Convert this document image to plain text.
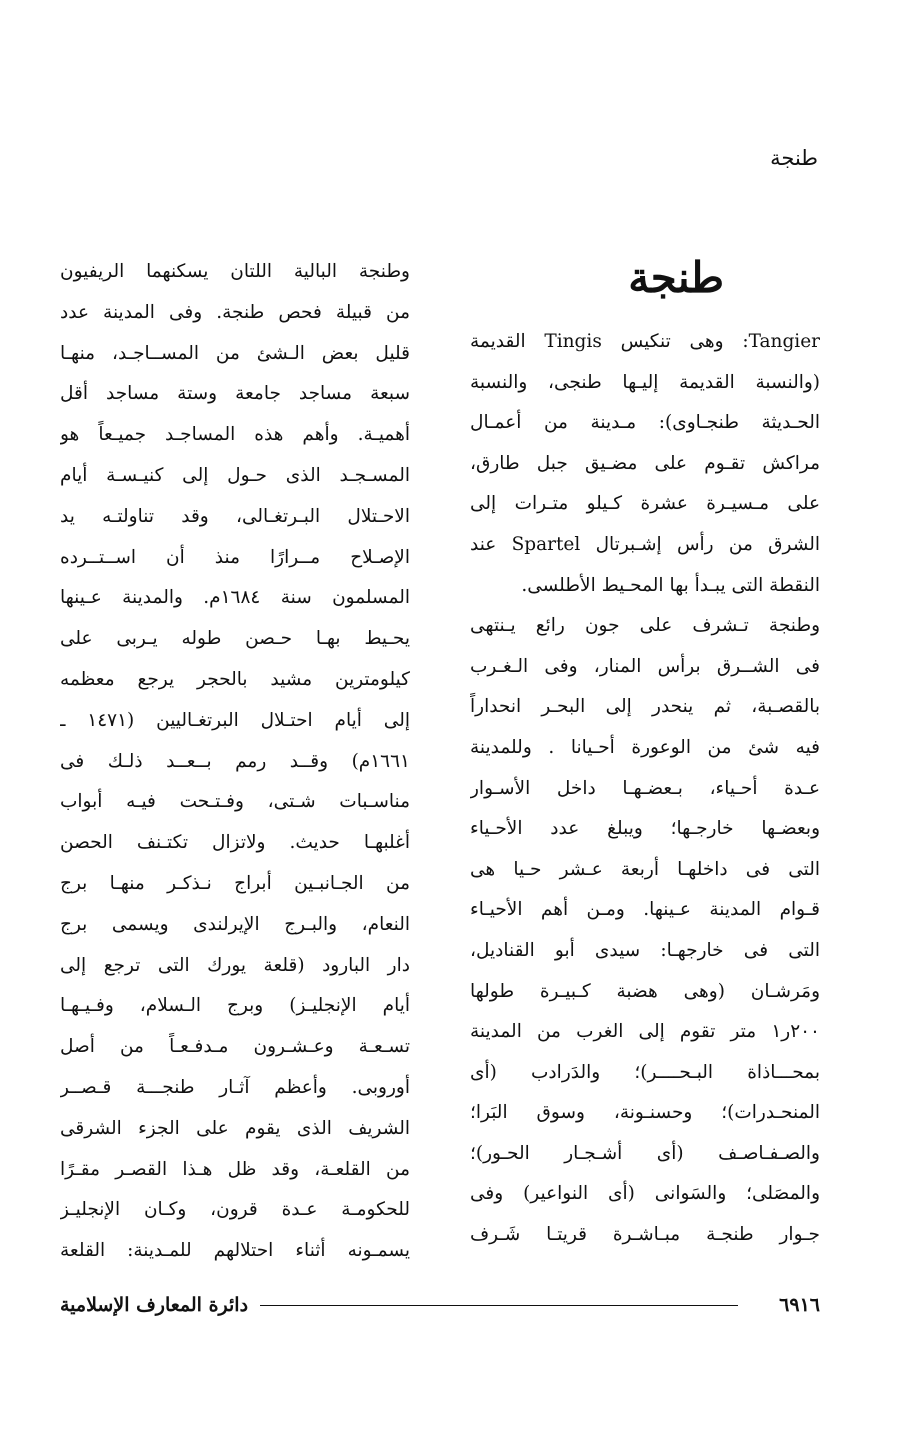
طنجة
طنجة
Tangier: وهى تنكيس Tingis القديمة
(والنسبة القديمة إليـها طنجى، والنسبة
الحـديثة طنجـاوى): مـدينة من أعمـال
مراكش تقـوم على مضـيق جبل طارق،
على مـسيـرة عشرة كـيلو متـرات إلى
الشرق من رأس إشـبرتال Spartel عند
النقطة التى يبـدأ بها المحـيط الأطلسى.
وطنجة تـشرف على جون رائع يـنتهى
فى الشــرق برأس المنار، وفى الـغـرب
بالقصـبة، ثم ينحدر إلى البحـر انحداراً
فيه شئ من الوعورة أحـيانا . وللمدينة
عـدة أحـياء، بـعضـهـا داخل الأسـوار
وبعضـها خارجـها؛ ويبلغ عدد الأحـياء
التى فى داخلهـا أربعة عـشر حـيا هى
قـوام المدينة عـينها. ومـن أهم الأحيـاء
التى فى خارجهـا: سيدى أبو القناديل،
ومَرشـان (وهى هضبة كـبيـرة طولها
٢٠٠ر١ متر تقوم إلى الغرب من المدينة
بمحـــاذاة البـحــــر)؛ والدَرادب (أى
المنحـدرات)؛ وحسنـونة، وسوق البَرا؛
والصـفـاصـف (أى أشـجـار الحـور)؛
والمصَلى؛ والسَوانى (أى النواعير) وفى
جـوار طنجـة مبـاشـرة قريتـا شَـرف
وطنجة البالية اللتان يسكنهما الريفيون
من قبيلة فحص طنجة. وفى المدينة عدد
قليل بعض الـشئ من المســاجـد، منهـا
سبعة مساجد جامعة وستة مساجد أقل
أهميـة. وأهم هذه المساجـد جميـعاً هو
المسـجـد الذى حـول إلى كنيـسـة أيام
الاحـتلال البـرتغـالى، وقد تناولتـه يد
الإصـلاح مــرارًا منذ أن اســتــرده
المسلمون سنة ١٦٨٤م. والمدينة عـينها
يحـيط بهـا حـصن طوله يـربى على
كيلومترين مشيد بالحجر يرجع معظمه
إلى أيام احتـلال البرتغـاليين (١٤٧١ ـ
١٦٦١م) وقــد رمم بــعــد ذلـك فى
مناسـبات شـتى، وفـتـحت فيـه أبواب
أغلبهـا حديث. ولاتزال تكتـنف الحصن
من الجـانبـين أبراج نـذكـر منهـا برج
النعام، والبـرج الإيرلندى ويسمى برج
دار البارود (قلعة يورك التى ترجع إلى
أيام الإنجليـز) وبرج الـسلام، وفـيـهـا
تسـعـة وعـشـرون مـدفـعـاً من أصل
أوروبى. وأعظم آثـار طنجـــة قـصــر
الشريف الذى يقوم على الجزء الشرقى
من القلعـة، وقد ظل هـذا القصـر مقـرًا
للحكومـة عـدة قرون، وكـان الإنجليـز
يسمـونه أثناء احتلالهم للمـدينة: القلعة
٦٩١٦
دائرة المعارف الإسلامية
